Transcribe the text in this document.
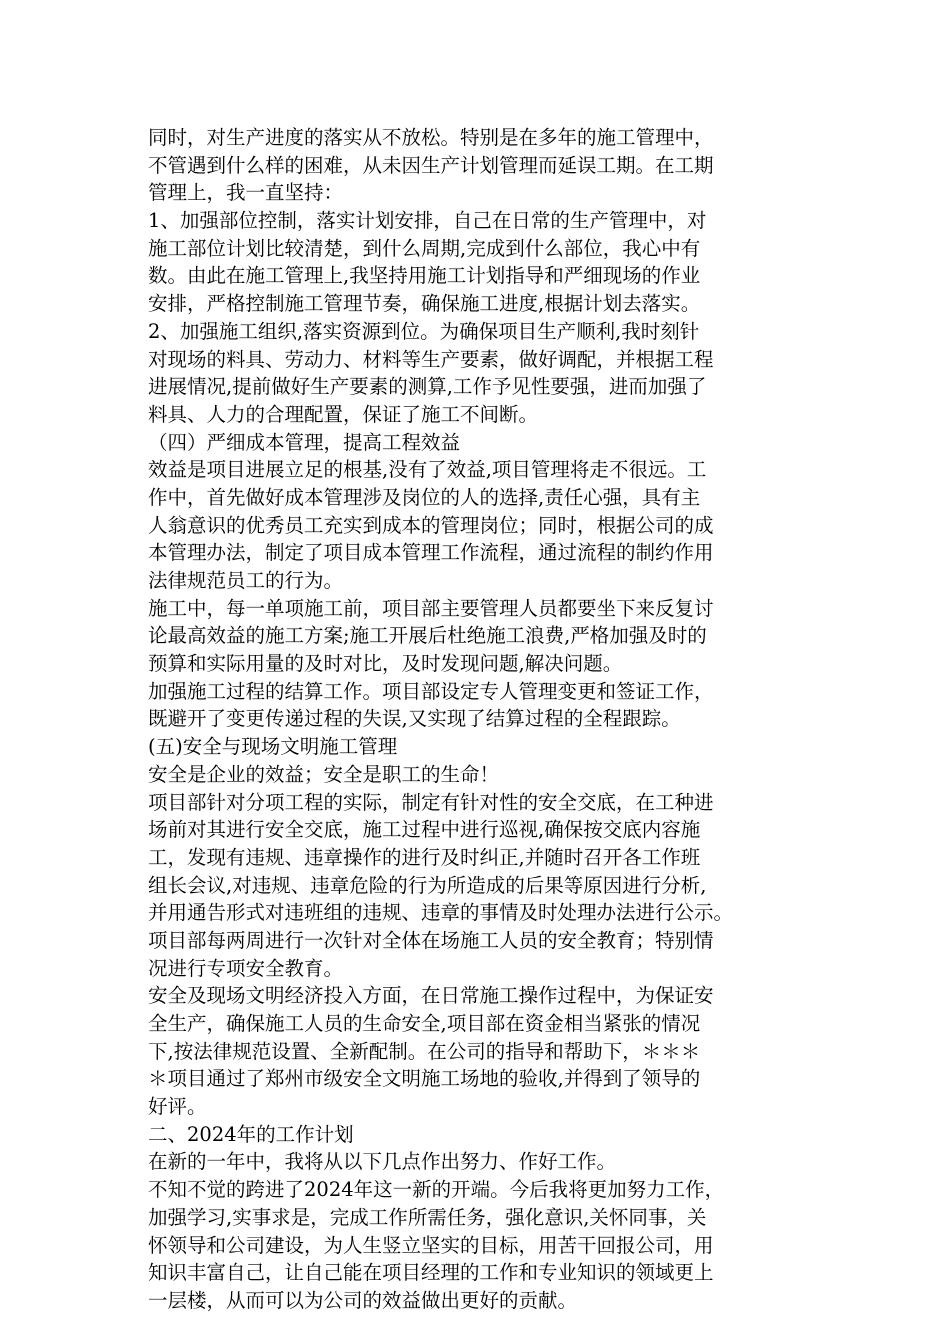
同时，对生产进度的落实从不放松。特别是在多年的施工管理中，
不管遇到什么样的困难，从未因生产计划管理而延误工期。在工期
管理上，我一直坚持：
1、加强部位控制，落实计划安排，自己在日常的生产管理中，对
施工部位计划比较清楚，到什么周期,完成到什么部位，我心中有
数。由此在施工管理上,我坚持用施工计划指导和严细现场的作业
安排，严格控制施工管理节奏，确保施工进度,根据计划去落实。
2、加强施工组织,落实资源到位。为确保项目生产顺利,我时刻针
对现场的料具、劳动力、材料等生产要素，做好调配，并根据工程
进展情况,提前做好生产要素的测算,工作予见性要强，进而加强了
料具、人力的合理配置，保证了施工不间断。
（四）严细成本管理，提高工程效益
效益是项目进展立足的根基,没有了效益,项目管理将走不很远。工
作中，首先做好成本管理涉及岗位的人的选择,责任心强，具有主
人翁意识的优秀员工充实到成本的管理岗位；同时，根据公司的成
本管理办法，制定了项目成本管理工作流程，通过流程的制约作用
法律规范员工的行为。
施工中，每一单项施工前，项目部主要管理人员都要坐下来反复讨
论最高效益的施工方案;施工开展后杜绝施工浪费,严格加强及时的
预算和实际用量的及时对比，及时发现问题,解决问题。
加强施工过程的结算工作。项目部设定专人管理变更和签证工作，
既避开了变更传递过程的失误,又实现了结算过程的全程跟踪。
(五)安全与现场文明施工管理
安全是企业的效益；安全是职工的生命！
项目部针对分项工程的实际，制定有针对性的安全交底，在工种进
场前对其进行安全交底，施工过程中进行巡视,确保按交底内容施
工，发现有违规、违章操作的进行及时纠正,并随时召开各工作班
组长会议,对违规、违章危险的行为所造成的后果等原因进行分析,
并用通告形式对违班组的违规、违章的事情及时处理办法进行公示。
项目部每两周进行一次针对全体在场施工人员的安全教育；特别情
况进行专项安全教育。
安全及现场文明经济投入方面，在日常施工操作过程中，为保证安
全生产，确保施工人员的生命安全,项目部在资金相当紧张的情况
下,按法律规范设置、全新配制。在公司的指导和帮助下，＊＊＊
＊项目通过了郑州市级安全文明施工场地的验收,并得到了领导的
好评。
二、2024年的工作计划
在新的一年中，我将从以下几点作出努力、作好工作。
不知不觉的跨进了2024年这一新的开端。今后我将更加努力工作，
加强学习,实事求是，完成工作所需任务，强化意识,关怀同事，关
怀领导和公司建设，为人生竖立坚实的目标，用苦干回报公司，用
知识丰富自己，让自己能在项目经理的工作和专业知识的领域更上
一层楼，从而可以为公司的效益做出更好的贡献。
